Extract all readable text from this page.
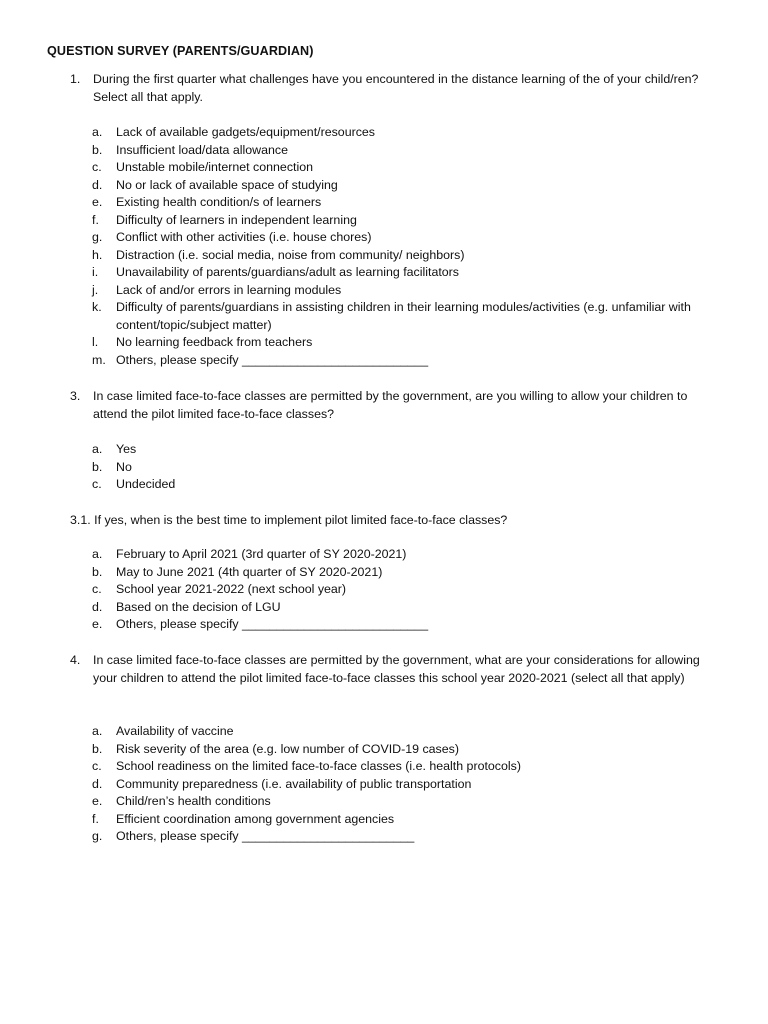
QUESTION SURVEY (PARENTS/GUARDIAN)
1.	During the first quarter what challenges have you encountered in the distance learning of the of your child/ren? Select all that apply.
a. Lack of available gadgets/equipment/resources
b. Insufficient load/data allowance
c. Unstable mobile/internet connection
d. No or lack of available space of studying
e. Existing health condition/s of learners
f. Difficulty of learners in independent learning
g. Conflict with other activities (i.e. house chores)
h. Distraction (i.e. social media, noise from community/ neighbors)
i. Unavailability of parents/guardians/adult as learning facilitators
j. Lack of and/or errors in learning modules
k. Difficulty of parents/guardians in assisting children in their learning modules/activities (e.g. unfamiliar with content/topic/subject matter)
l. No learning feedback from teachers
m. Others, please specify ___________________________
3.	In case limited face-to-face classes are permitted by the government, are you willing to allow your children to attend the pilot limited face-to-face classes?
a. Yes
b. No
c. Undecided
3.1. If yes, when is the best time to implement pilot limited face-to-face classes?
a. February to April 2021 (3rd quarter of SY 2020-2021)
b. May to June 2021 (4th quarter of SY 2020-2021)
c. School year 2021-2022 (next school year)
d. Based on the decision of LGU
e. Others, please specify ___________________________
4.	In case limited face-to-face classes are permitted by the government, what are your considerations for allowing your children to attend the pilot limited face-to-face classes this school year 2020-2021 (select all that apply)
a. Availability of vaccine
b. Risk severity of the area (e.g. low number of COVID-19 cases)
c. School readiness on the limited face-to-face classes (i.e. health protocols)
d. Community preparedness (i.e. availability of public transportation
e. Child/ren’s health conditions
f. Efficient coordination among government agencies
g. Others, please specify _________________________
